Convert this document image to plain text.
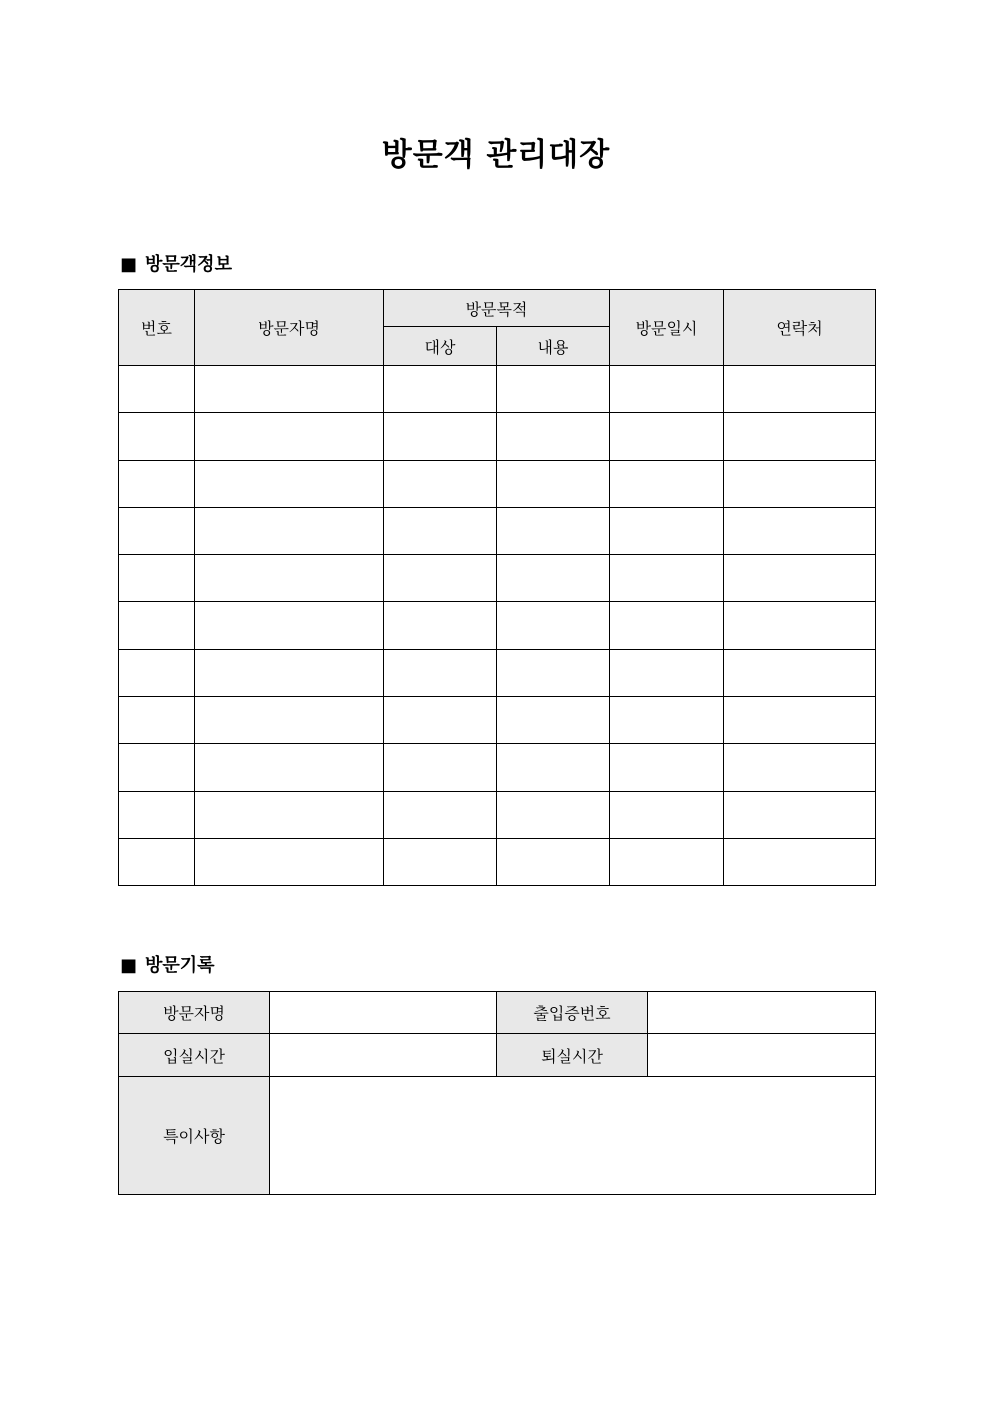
방문객 관리대장
■ 방문객정보
번호	방문자명	방문목적		방문일시	연락처
		대상	내용		

■ 방문기록
방문자명		출입증번호	
입실시간		퇴실시간	
특이사항			
